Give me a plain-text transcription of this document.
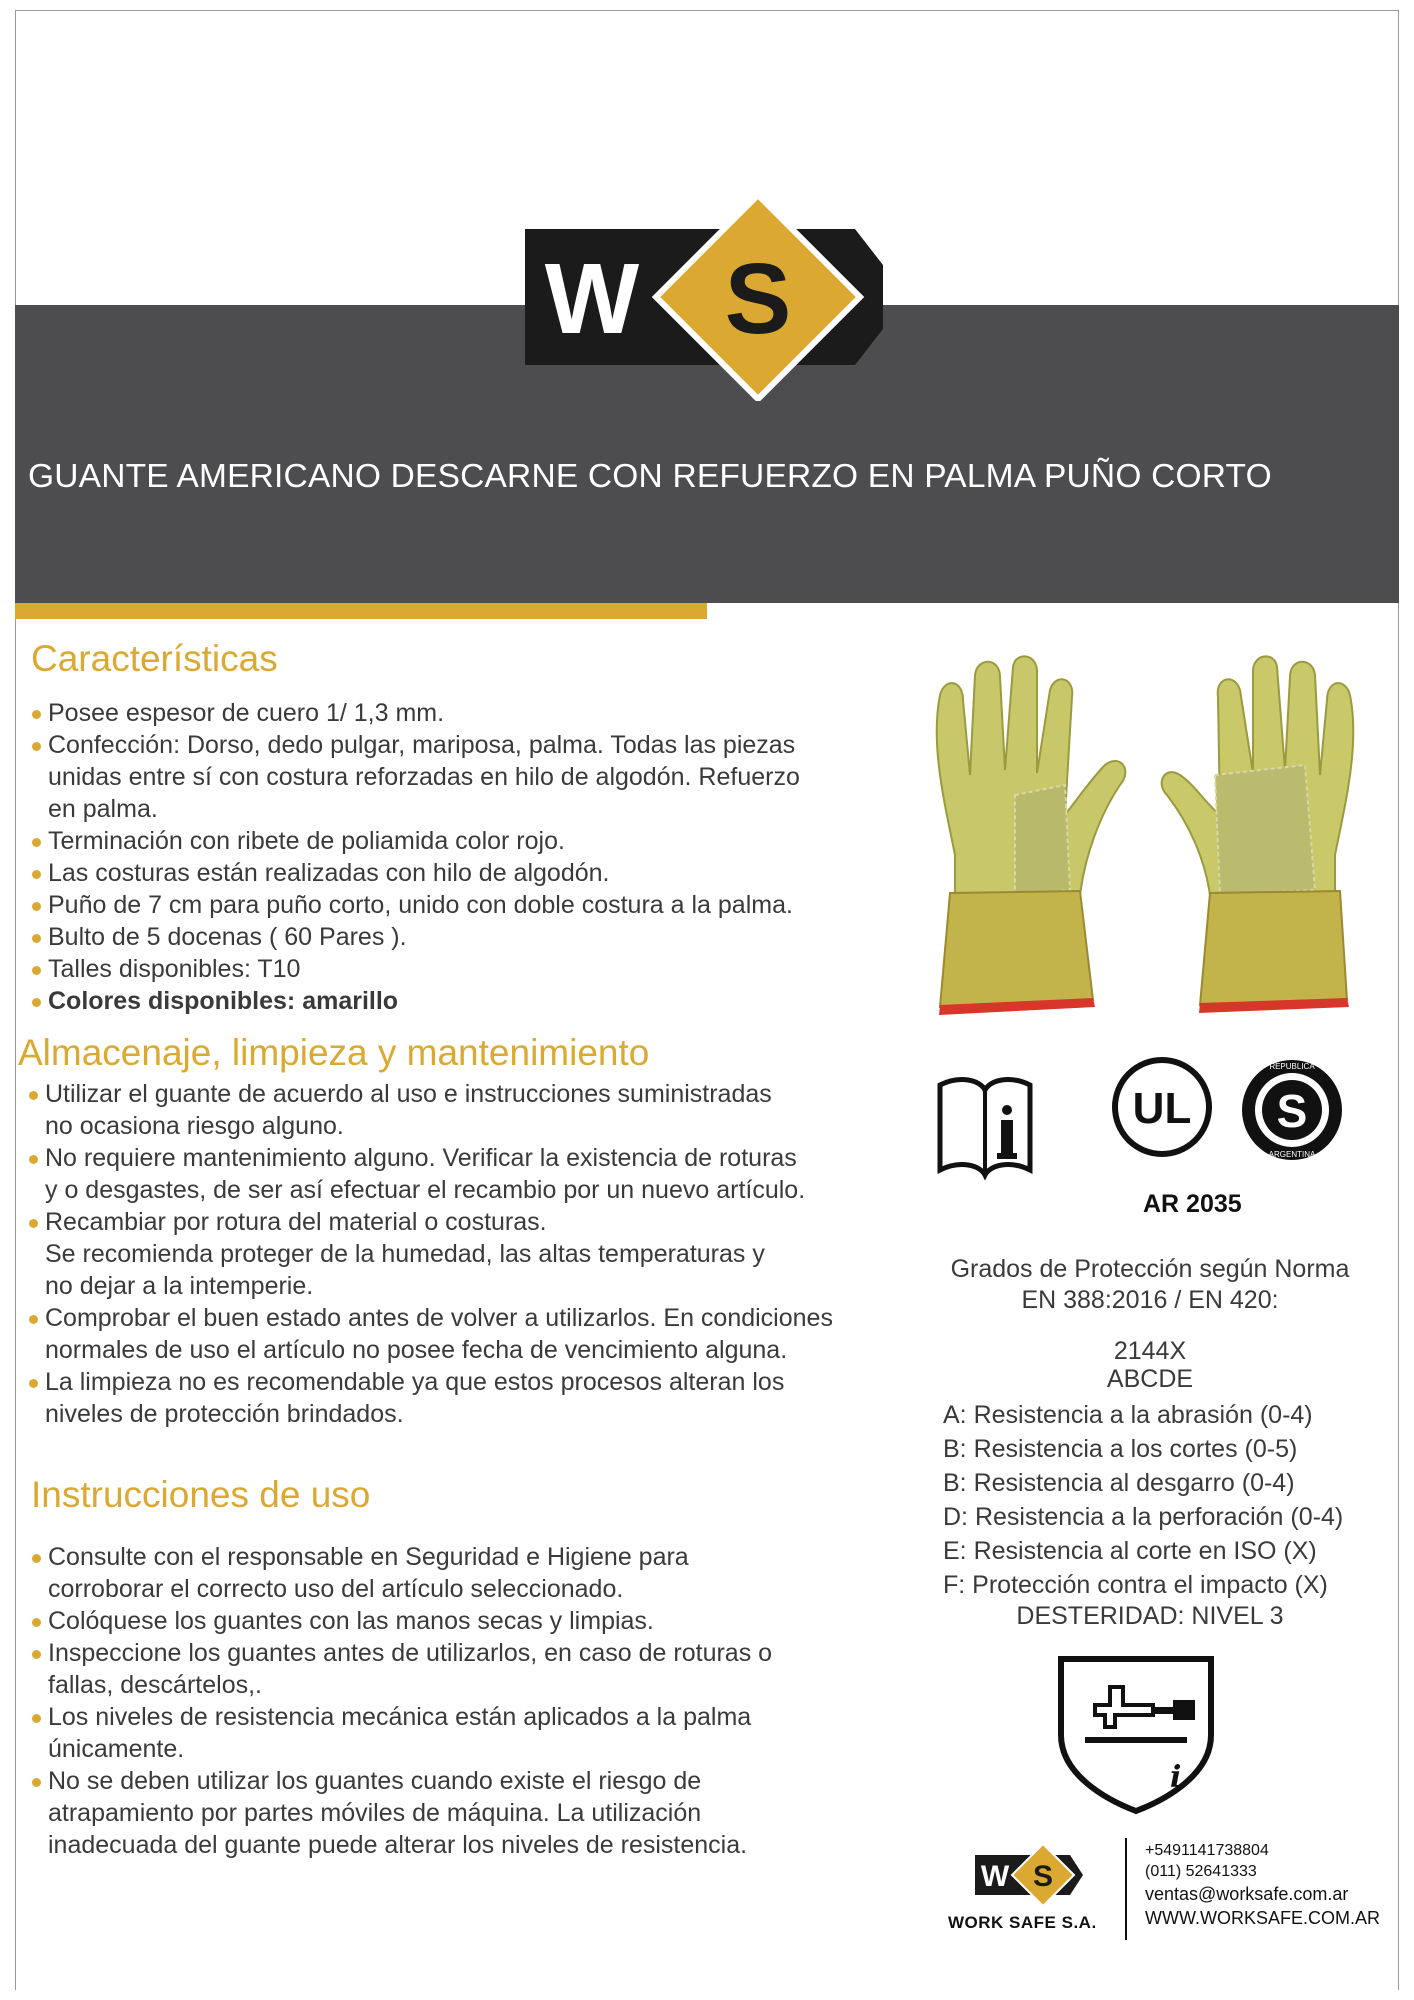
W S
GUANTE AMERICANO DESCARNE CON REFUERZO EN PALMA PUÑO CORTO
Características
Posee espesor de cuero 1/ 1,3 mm.
Confección: Dorso, dedo pulgar, mariposa, palma. Todas las piezas
unidas entre sí con costura reforzadas en hilo de algodón. Refuerzo
en palma.
Terminación con ribete de poliamida color rojo.
Las costuras están realizadas con hilo de algodón.
Puño de 7 cm para puño corto, unido con doble costura a la palma.
Bulto de 5 docenas ( 60 Pares ).
Talles disponibles: T10
Colores disponibles: amarillo
Almacenaje, limpieza y mantenimiento
Utilizar el guante de acuerdo al uso e instrucciones suministradas
no ocasiona riesgo alguno.
No requiere mantenimiento alguno. Verificar la existencia de roturas
y o desgastes, de ser así efectuar el recambio por un nuevo artículo.
Recambiar por rotura del material o costuras.
Se recomienda proteger de la humedad, las altas temperaturas y
no dejar a la intemperie.
Comprobar el buen estado antes de volver a utilizarlos. En condiciones
normales de uso el artículo no posee fecha de vencimiento alguna.
La limpieza no es recomendable ya que estos procesos alteran los
niveles de protección brindados.
Instrucciones de uso
Consulte con el responsable en Seguridad e Higiene para
corroborar el correcto uso del artículo seleccionado.
Colóquese los guantes con las manos secas y limpias.
Inspeccione los guantes antes de utilizarlos, en caso de roturas o
fallas, descártelos,.
Los niveles de resistencia mecánica están aplicados a la palma
únicamente.
No se deben utilizar los guantes cuando existe el riesgo de
atrapamiento por partes móviles de máquina. La utilización
inadecuada del guante puede alterar los niveles de resistencia.
UL S
REPUBLICA
ARGENTINA
AR 2035
Grados de Protección según Norma
EN 388:2016 / EN 420:
2144X
ABCDE
A: Resistencia a la abrasión (0-4)
B: Resistencia a los cortes (0-5)
B: Resistencia al desgarro (0-4)
D: Resistencia a la perforación (0-4)
E: Resistencia al corte en ISO (X)
F: Protección contra el impacto (X)
DESTERIDAD: NIVEL 3
i
W S
WORK SAFE S.A.
+5491141738804
(011) 52641333
ventas@worksafe.com.ar
WWW.WORKSAFE.COM.AR
